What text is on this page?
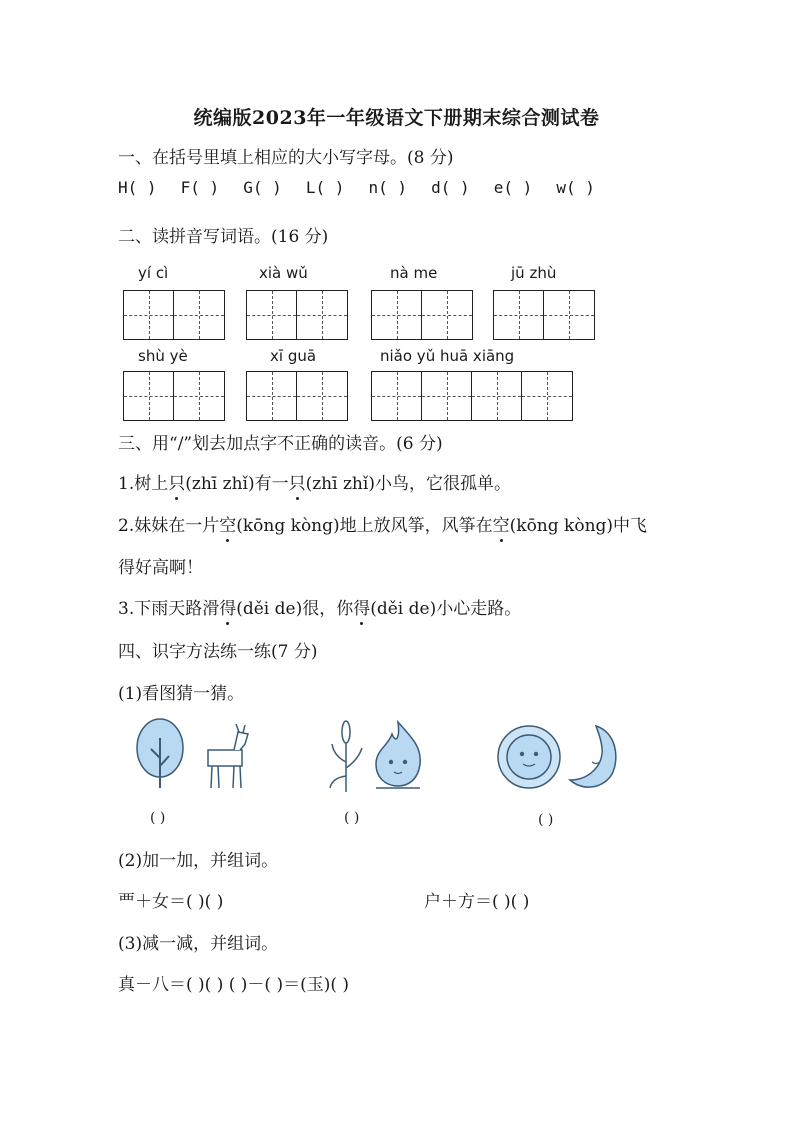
统编版2023年一年级语文下册期末综合测试卷
一、在括号里填上相应的大小写字母。(8 分)
H( ) F( ) G( ) L( ) n( ) d( ) e( ) w( )
二、读拼音写词语。(16 分)
yí cì	xià wǔ	nà me	jū zhù
shù yè	xī guā	niǎo yǔ huā xiāng
三、用“/”划去加点字不正确的读音。(6 分)
1.树上只(zhī zhǐ)有一只(zhī zhǐ)小鸟，它很孤单。
2.妹妹在一片空(kōng kòng)地上放风筝，风筝在空(kōng kòng)中飞
得好高啊！
3.下雨天路滑得(děi de)很，你得(děi de)小心走路。
四、识字方法练一练(7 分)
(1)看图猜一猜。
( )	( )	( )
(2)加一加，并组词。
覀＋女＝( )( )	户＋方＝( )( )
(3)减一减，并组词。
真－八＝( )( ) ( )－( )＝(玉)( )
